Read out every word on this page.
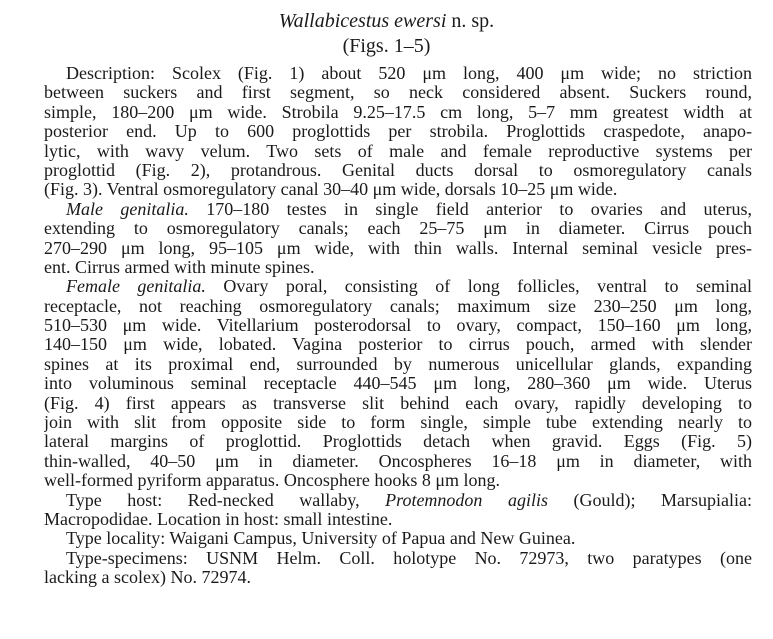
Wallabicestus ewersi n. sp.
(Figs. 1–5)
Description: Scolex (Fig. 1) about 520 μm long, 400 μm wide; no striction
between suckers and first segment, so neck considered absent. Suckers round,
simple, 180–200 μm wide. Strobila 9.25–17.5 cm long, 5–7 mm greatest width at
posterior end. Up to 600 proglottids per strobila. Proglottids craspedote, anapo-
lytic, with wavy velum. Two sets of male and female reproductive systems per
proglottid (Fig. 2), protandrous. Genital ducts dorsal to osmoregulatory canals
(Fig. 3). Ventral osmoregulatory canal 30–40 μm wide, dorsals 10–25 μm wide.
Male genitalia. 170–180 testes in single field anterior to ovaries and uterus,
extending to osmoregulatory canals; each 25–75 μm in diameter. Cirrus pouch
270–290 μm long, 95–105 μm wide, with thin walls. Internal seminal vesicle pres-
ent. Cirrus armed with minute spines.
Female genitalia. Ovary poral, consisting of long follicles, ventral to seminal
receptacle, not reaching osmoregulatory canals; maximum size 230–250 μm long,
510–530 μm wide. Vitellarium posterodorsal to ovary, compact, 150–160 μm long,
140–150 μm wide, lobated. Vagina posterior to cirrus pouch, armed with slender
spines at its proximal end, surrounded by numerous unicellular glands, expanding
into voluminous seminal receptacle 440–545 μm long, 280–360 μm wide. Uterus
(Fig. 4) first appears as transverse slit behind each ovary, rapidly developing to
join with slit from opposite side to form single, simple tube extending nearly to
lateral margins of proglottid. Proglottids detach when gravid. Eggs (Fig. 5)
thin-walled, 40–50 μm in diameter. Oncospheres 16–18 μm in diameter, with
well-formed pyriform apparatus. Oncosphere hooks 8 μm long.
Type host: Red-necked wallaby, Protemnodon agilis (Gould); Marsupialia:
Macropodidae. Location in host: small intestine.
Type locality: Waigani Campus, University of Papua and New Guinea.
Type-specimens: USNM Helm. Coll. holotype No. 72973, two paratypes (one
lacking a scolex) No. 72974.
